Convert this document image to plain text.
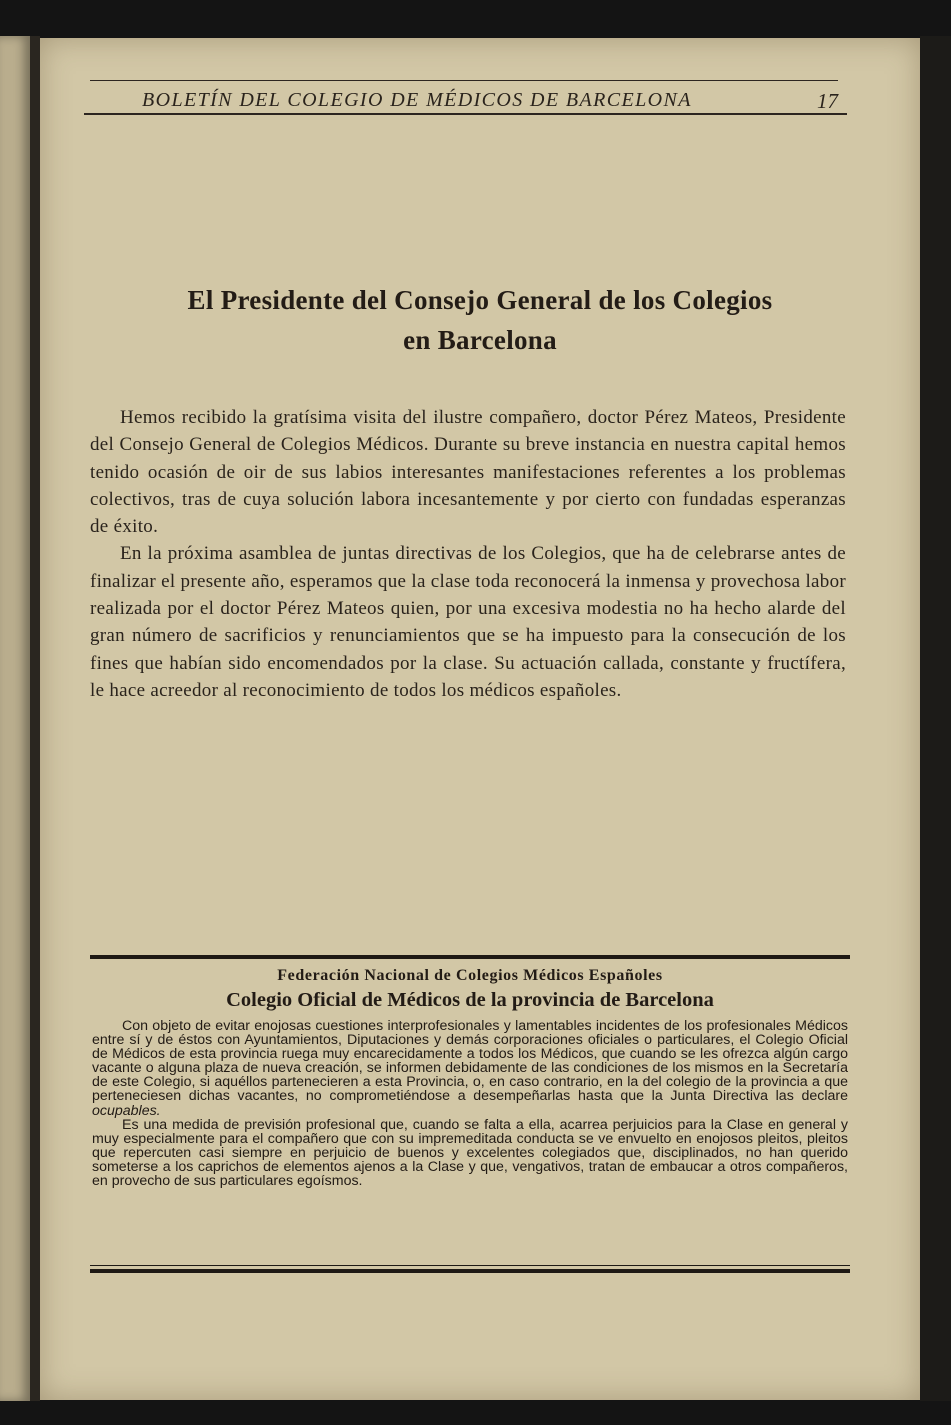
BOLETÍN DEL COLEGIO DE MÉDICOS DE BARCELONA	17
El Presidente del Consejo General de los Colegios
en Barcelona

Hemos recibido la gratísima visita del ilustre compañero, doctor Pérez Mateos, Presidente del Consejo General de Colegios Médicos. Durante su breve instancia en nuestra capital hemos tenido ocasión de oir de sus labios interesantes manifestaciones referentes a los problemas colectivos, tras de cuya solución labora incesantemente y por cierto con fundadas esperanzas de éxito.

En la próxima asamblea de juntas directivas de los Colegios, que ha de celebrarse antes de finalizar el presente año, esperamos que la clase toda reconocerá la inmensa y provechosa labor realizada por el doctor Pérez Mateos quien, por una excesiva modestia no ha hecho alarde del gran número de sacrificios y renunciamientos que se ha impuesto para la consecución de los fines que habían sido encomendados por la clase. Su actuación callada, constante y fructífera, le hace acreedor al reconocimiento de todos los médicos españoles.

Federación Nacional de Colegios Médicos Españoles
Colegio Oficial de Médicos de la provincia de Barcelona

Con objeto de evitar enojosas cuestiones interprofesionales y lamentables incidentes de los profesionales Médicos entre sí y de éstos con Ayuntamientos, Diputaciones y demás corporaciones oficiales o particulares, el Colegio Oficial de Médicos de esta provincia ruega muy encarecidamente a todos los Médicos, que cuando se les ofrezca algún cargo vacante o alguna plaza de nueva creación, se informen debidamente de las condiciones de los mismos en la Secretaría de este Colegio, si aquéllos partenecieren a esta Provincia, o, en caso contrario, en la del colegio de la provincia a que perteneciesen dichas vacantes, no comprometiéndose a desempeñarlas hasta que la Junta Directiva las declare ocupables.

Es una medida de previsión profesional que, cuando se falta a ella, acarrea perjuicios para la Clase en general y muy especialmente para el compañero que con su impremeditada conducta se ve envuelto en enojosos pleitos, pleitos que repercuten casi siempre en perjuicio de buenos y excelentes colegiados que, disciplinados, no han querido someterse a los caprichos de elementos ajenos a la Clase y que, vengativos, tratan de embaucar a otros compañeros, en provecho de sus particulares egoísmos.
